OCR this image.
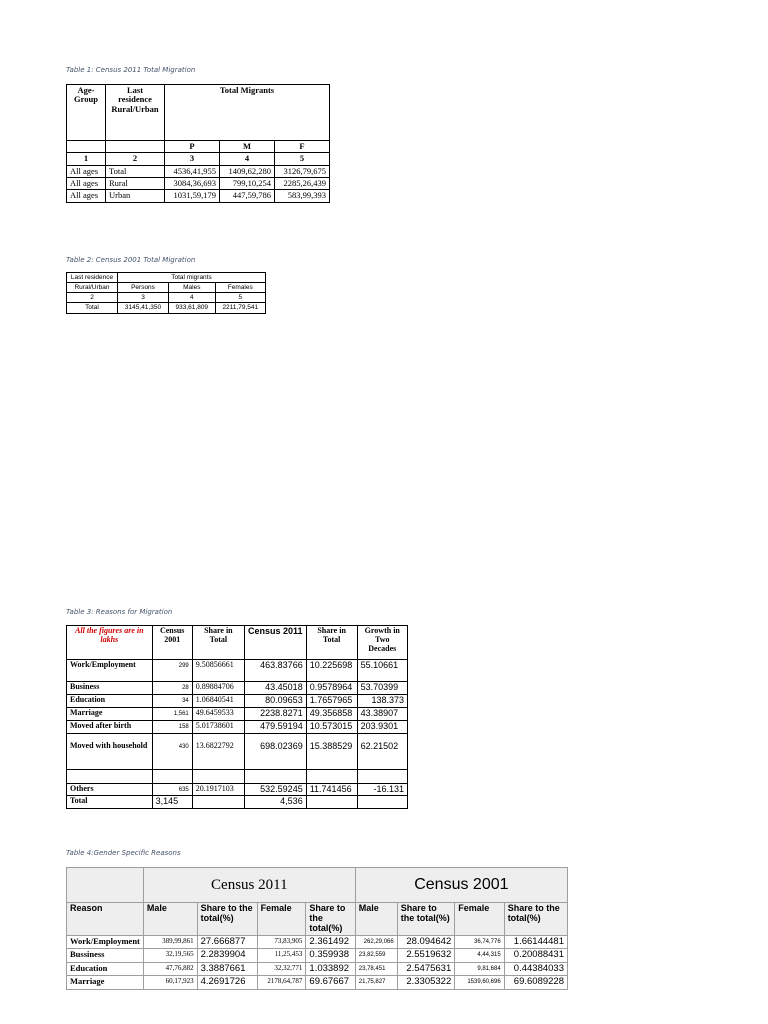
Table 1: Census 2011 Total Migration
Age-Group	Last residence Rural/Urban	Total Migrants		
		P	M	F
1	2	3	4	5
All ages	Total	4536,41,955	1409,62,280	3126,79,675
All ages	Rural	3084,36,693	799,10,254	2285,26,439
All ages	Urban	1031,59,179	447,59,786	583,99,393
Table 2: Census 2001 Total Migration
Last residence	Total migrants		
Rural/Urban	Persons	Males	Females
2	3	4	5
Total	3145,41,350	933,61,809	2211,79,541
Table 3: Reasons for Migration
All the figures are in lakhs	Census 2001	Share in Total	Census 2011	Share in Total	Growth in Two Decades
Work/Employment	299	9.50856661	463.83766	10.225698	55.10661
Business	28	0.89884706	43.45018	0.9578964	53.70399
Education	34	1.06840541	80.09653	1.7657965	138.373
Marriage	1,561	49.6459533	2238.8271	49.356858	43.38907
Moved after birth	158	5.01738601	479.59194	10.573015	203.9301
Moved with household	430	13.6822792	698.02369	15.388529	62.21502

Others	635	20.1917103	532.59245	11.741456	-16.131
Total	3,145		4,536		
Table 4:Gender Specific Reasons
	Census 2011				Census 2001			
Reason	Male	Share to the total(%)	Female	Share to the total(%)	Male	Share to the total(%)	Female	Share to the total(%)
Work/Employment	389,99,861	27.666877	73,83,905	2.361492	262,29,066	28.094642	36,74,776	1.66144481
Bussiness	32,19,565	2.2839904	11,25,453	0.359938	23,82,559	2.5519632	4,44,315	0.20088431
Education	47,76,882	3.3887661	32,32,771	1.033892	23,78,451	2.5475631	9,81,684	0.44384033
Marriage	60,17,923	4.2691726	2178,64,787	69.67667	21,75,827	2.3305322	1539,60,696	69.6089228
